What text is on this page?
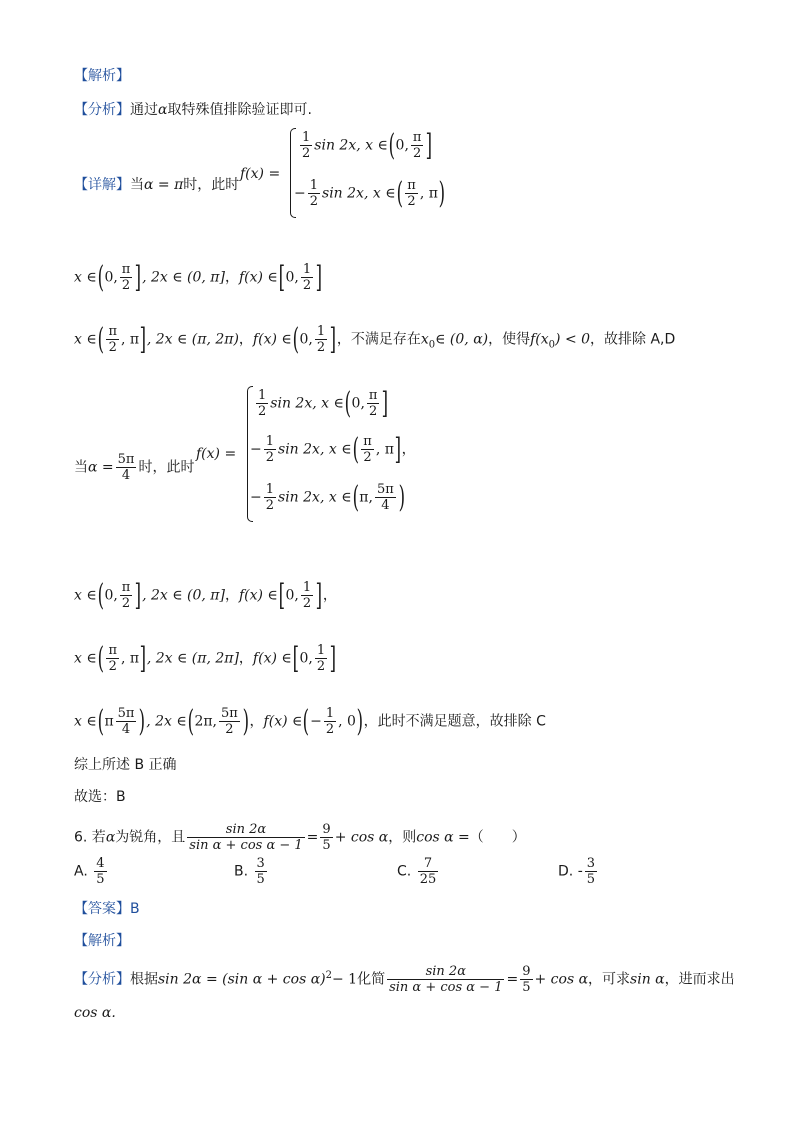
【解析】
【分析】通过α取特殊值排除验证即可.
【详解】当α = π时，此时
f(x) =
$\frac{1}{2}$ sin 2x, x ∈(0, $\frac{\pi}{2}$ ]
− $\frac{1}{2}$ sin 2x, x ∈( $\frac{\pi}{2}$ , π)
x ∈(0, $\frac{\pi}{2}$ ], 2x ∈ (0, π]，f(x) ∈[0, $\frac{1}{2}$ ]
x ∈( $\frac{\pi}{2}$ , π], 2x ∈ (π, 2π)，f(x) ∈(0, $\frac{1}{2}$ ]，不满足存在$x_0\in$ (0, α)，使得$f(x_0) < 0$，故排除 A,D
当$\alpha = \frac{5\pi}{4}$ 时，此时
f(x) =
$\frac{1}{2}$ sin 2x, x ∈(0, $\frac{\pi}{2}$ ]
− $\frac{1}{2}$ sin 2x, x ∈( $\frac{\pi}{2}$ , π]，
− $\frac{1}{2}$ sin 2x, x ∈(π, $\frac{5\pi}{4}$ )
x ∈(0, $\frac{\pi}{2}$ ], 2x ∈ (0, π]，f(x) ∈[0, $\frac{1}{2}$ ]，
x ∈( $\frac{\pi}{2}$ , π], 2x ∈ (π, 2π]，f(x) ∈[0, $\frac{1}{2}$ ]
x ∈(π $\frac{5\pi}{4}$ ), 2x ∈(2π, $\frac{5\pi}{2}$ )，f(x) ∈(− $\frac{1}{2}$ , 0)，此时不满足题意，故排除 C
综上所述 B 正确
故选：B
6. 若α为锐角，且 $\frac{\sin 2\alpha}{\text{sin α + cos α − 1}} = \frac{9}{5} + \cos \alpha$，则cos α =（　　）
A. $\frac{4}{5}$	B. $\frac{3}{5}$	C. $\frac{7}{25}$	D. - $\frac{3}{5}$
【答案】B
【解析】
【分析】根据sin 2α = (sin α + cos α)$^2$− 1化简 $\frac{\sin 2\alpha}{\text{sin α + cos α − 1}} = \frac{9}{5} + \cos \alpha$，可求sin α，进而求出
cos α.
